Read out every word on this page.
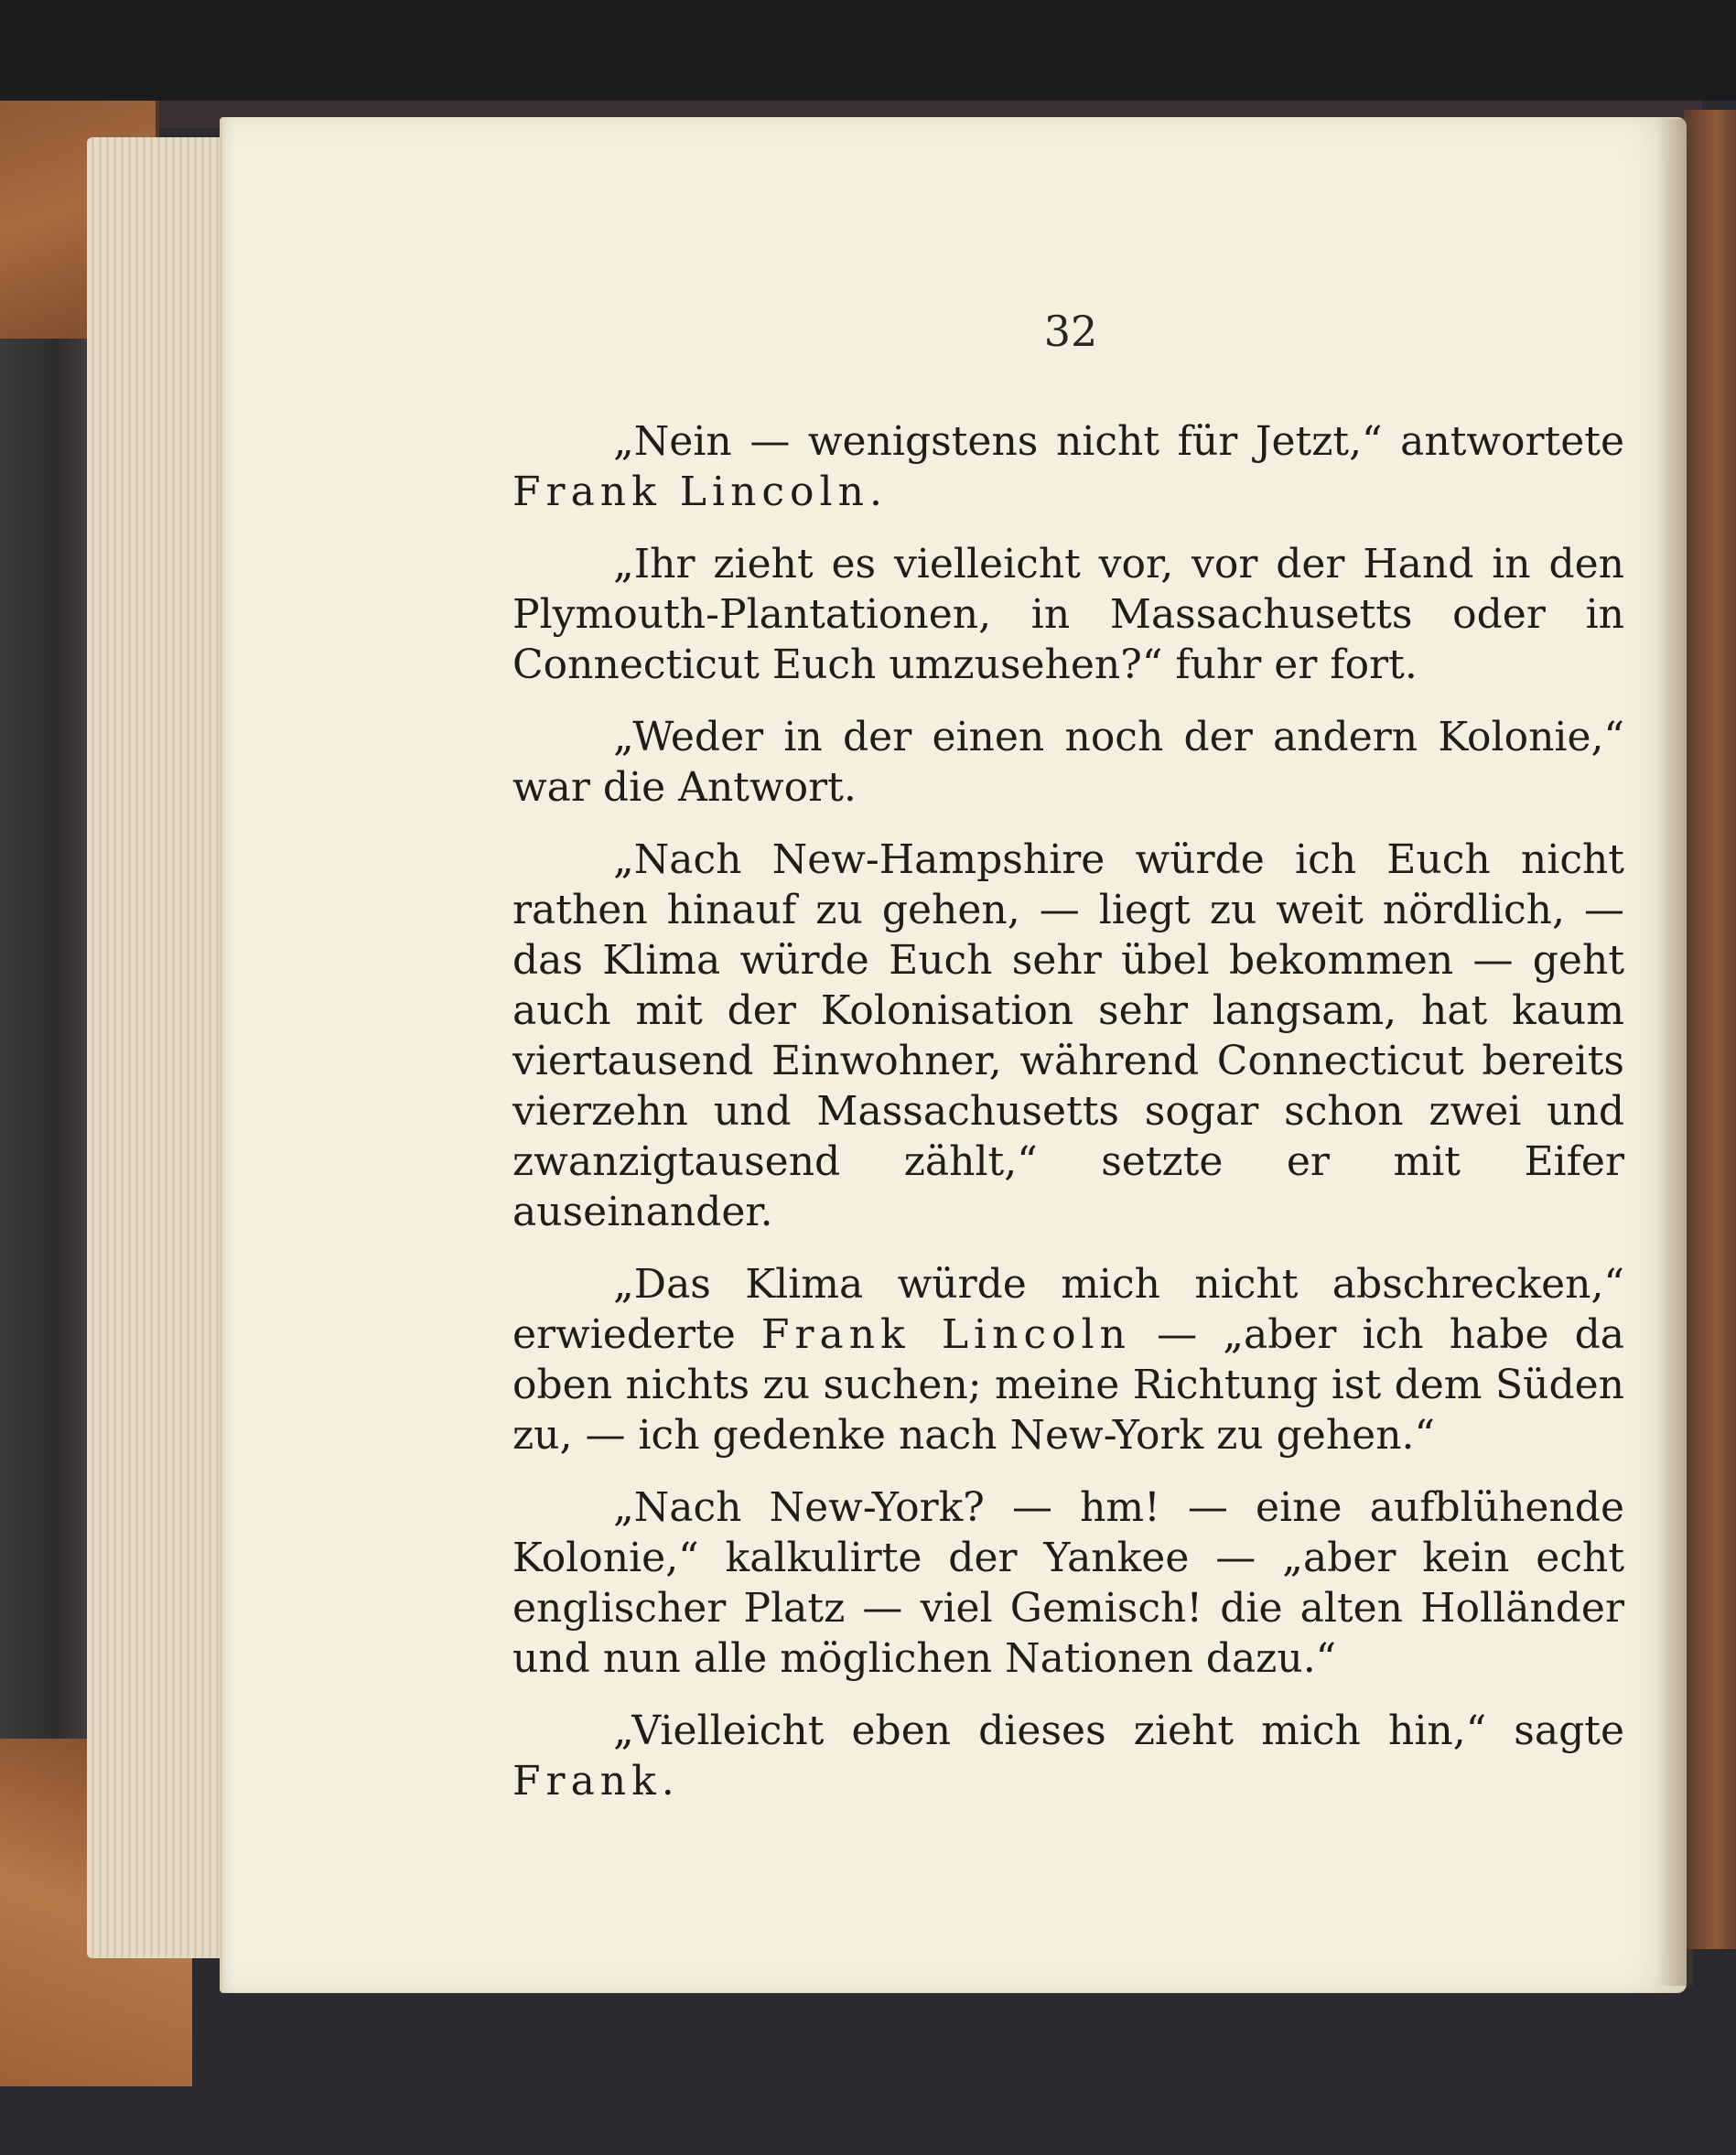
32

„Nein — wenigstens nicht für Jetzt,“ antwortete Frank Lincoln.

„Ihr zieht es vielleicht vor, vor der Hand in den Plymouth-Plantationen, in Massachusetts oder in Connecticut Euch umzusehen?“ fuhr er fort.

„Weder in der einen noch der andern Kolonie,“ war die Antwort.

„Nach New-Hampshire würde ich Euch nicht rathen hinauf zu gehen, — liegt zu weit nördlich, — das Klima würde Euch sehr übel bekommen — geht auch mit der Kolonisation sehr langsam, hat kaum viertausend Einwohner, während Connecticut bereits vierzehn und Massachusetts sogar schon zwei und zwanzigtausend zählt,“ setzte er mit Eifer auseinander.

„Das Klima würde mich nicht abschrecken,“ erwiederte Frank Lincoln — „aber ich habe da oben nichts zu suchen; meine Richtung ist dem Süden zu, — ich gedenke nach New-York zu gehen.“

„Nach New-York? — hm! — eine aufblühende Kolonie,“ kalkulirte der Yankee — „aber kein echt englischer Platz — viel Gemisch! die alten Holländer und nun alle möglichen Nationen dazu.“

„Vielleicht eben dieses zieht mich hin,“ sagte Frank.
